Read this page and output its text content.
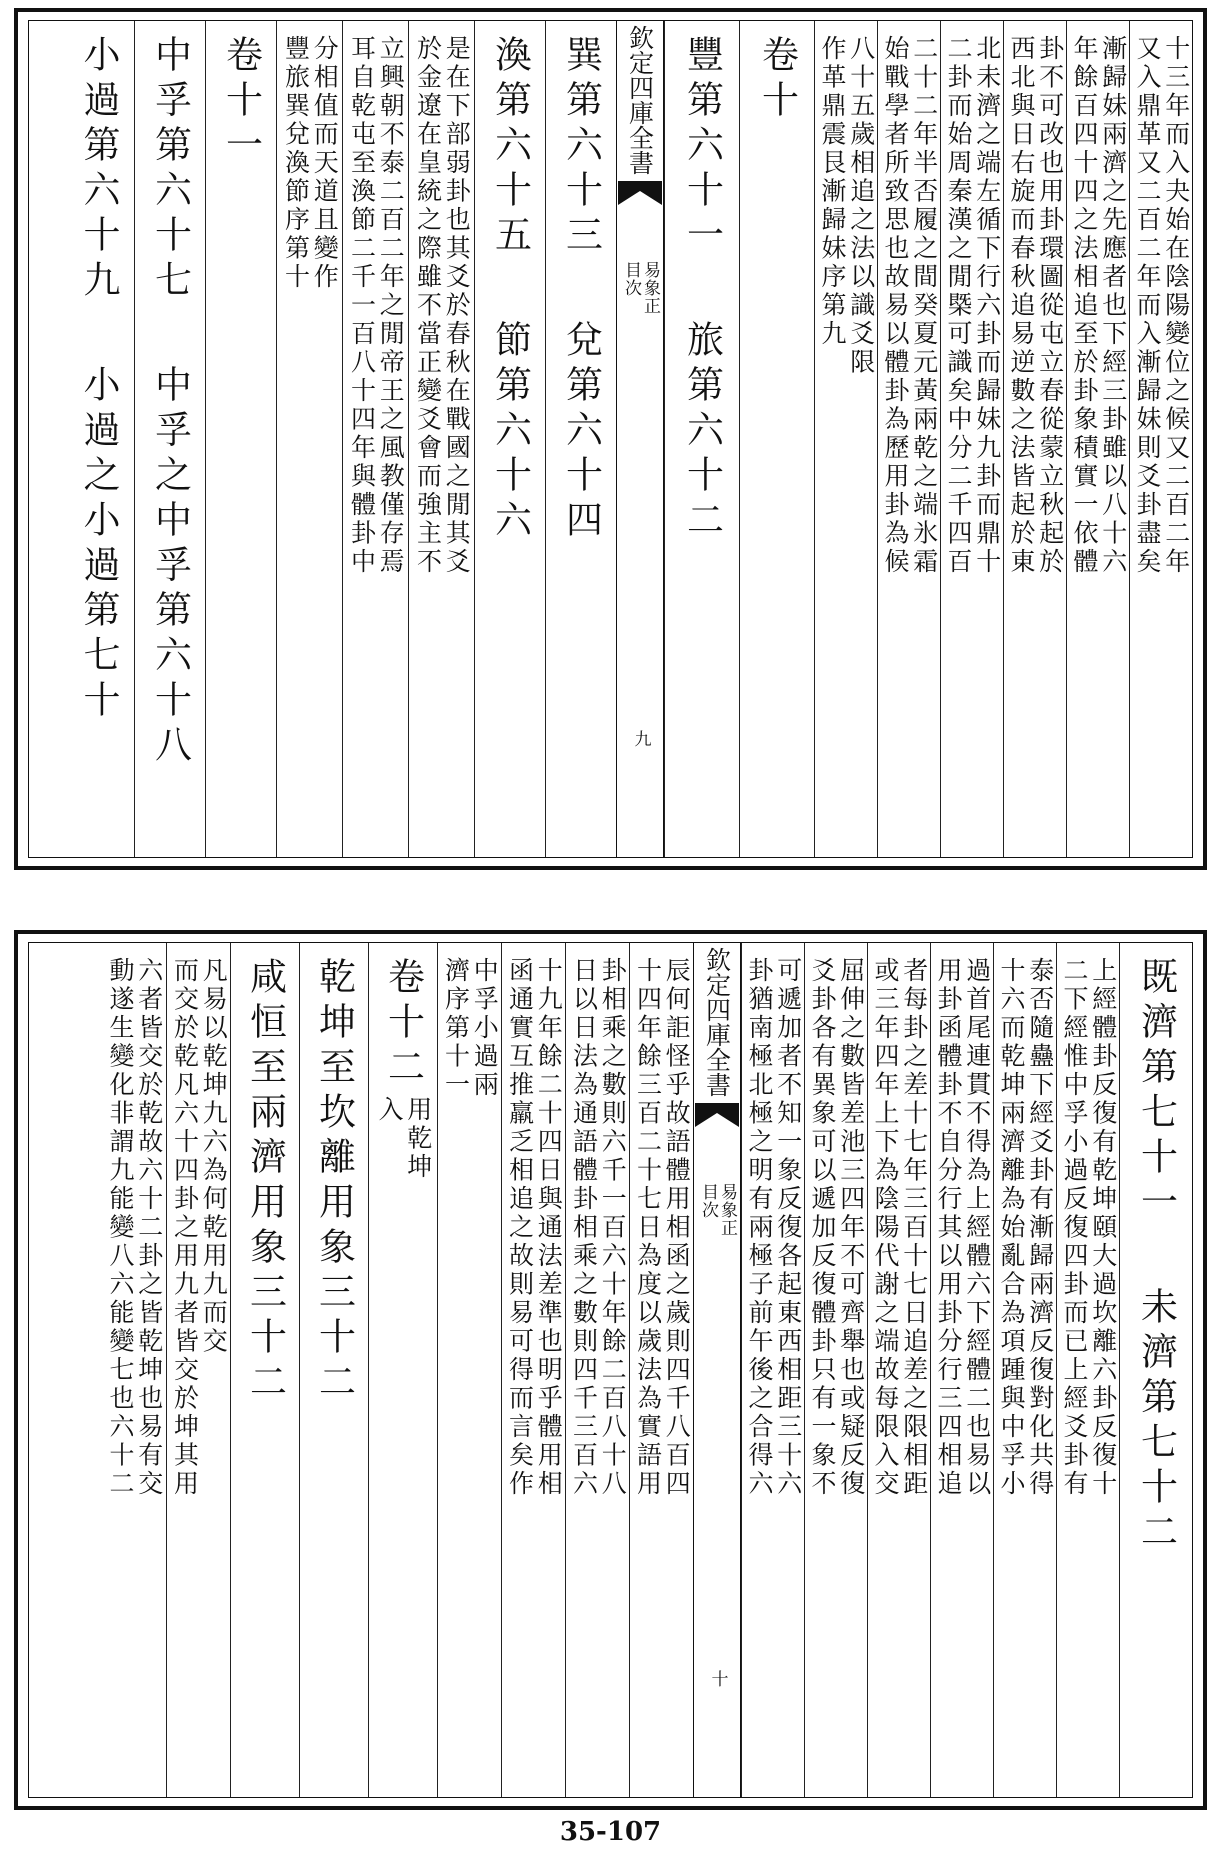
十三年而入夬始在陰陽變位之候又二百二年
又入鼎革又二百二年而入漸歸妹則爻卦盡矣
漸歸妹兩濟之先應者也下經三卦雖以八十六
年餘百四十四之法相追至於卦象積實一依體
卦不可改也用卦環圖從屯立春從蒙立秋起於
西北與日右旋而春秋追易逆數之法皆起於東
北未濟之端左循下行六卦而歸妹九卦而鼎十
二卦而始周秦漢之閒槩可識矣中分二千四百
二十二年半否履之間癸夏元黃兩乾之端氷霜
始戰學者所致思也故易以體卦為歷用卦為候
八十五歲相追之法以識爻限
作革鼎震艮漸歸妹序第九
卷十
豐第六十一
旅第六十二
欽定四庫全書
易象正
目次
九
巽第六十三
兌第六十四
渙第六十五
節第六十六
是在下部弱卦也其爻於春秋在戰國之閒其爻
於金遼在皇統之際雖不當正變爻會而強主不
立興朝不泰二百二年之閒帝王之風教僅存焉
耳自乾屯至渙節二千一百八十四年與體卦中
分相值而天道且變作
豐旅巽兌渙節序第十
卷十一
中孚第六十七
中孚之中孚第六十八
小過第六十九
小過之小過第七十
既濟第七十一
未濟第七十二
上經體卦反復有乾坤頤大過坎離六卦反復十
二下經惟中孚小過反復四卦而已上經爻卦有
泰否隨蠱下經爻卦有漸歸兩濟反復對化共得
十六而乾坤兩濟離為始亂合為項踵與中孚小
過首尾連貫不得為上經體六下經體二也易以
用卦函體卦不自分行其以用卦分行三四相追
者每卦之差十七年三百十七日追差之限相距
或三年四年上下為陰陽代謝之端故每限入交
屈伸之數皆差池三四年不可齊舉也或疑反復
爻卦各有異象可以遞加反復體卦只有一象不
可遞加者不知一象反復各起東西相距三十六
卦猶南極北極之明有兩極子前午後之合得六
欽定四庫全書
易象正
目次
十
辰何詎怪乎故語體用相函之歲則四千八百四
十四年餘三百二十七日為度以歲法為實語用
卦相乘之數則六千一百六十年餘二百八十八
日以日法為通語體卦相乘之數則四千三百六
十九年餘二十四日與通法差準也明乎體用相
函通實互推羸乏相追之故則易可得而言矣作
中孚小過兩
濟序第十一
卷十二
用乾坤
入
乾坤至坎離用象三十二
咸恒至兩濟用象三十二
凡易以乾坤九六為何乾用九而交
而交於乾凡六十四卦之用九者皆交於坤其用
六者皆交於乾故六十二卦之皆乾坤也易有交
動遂生變化非謂九能變八六能變七也六十二
35-107
